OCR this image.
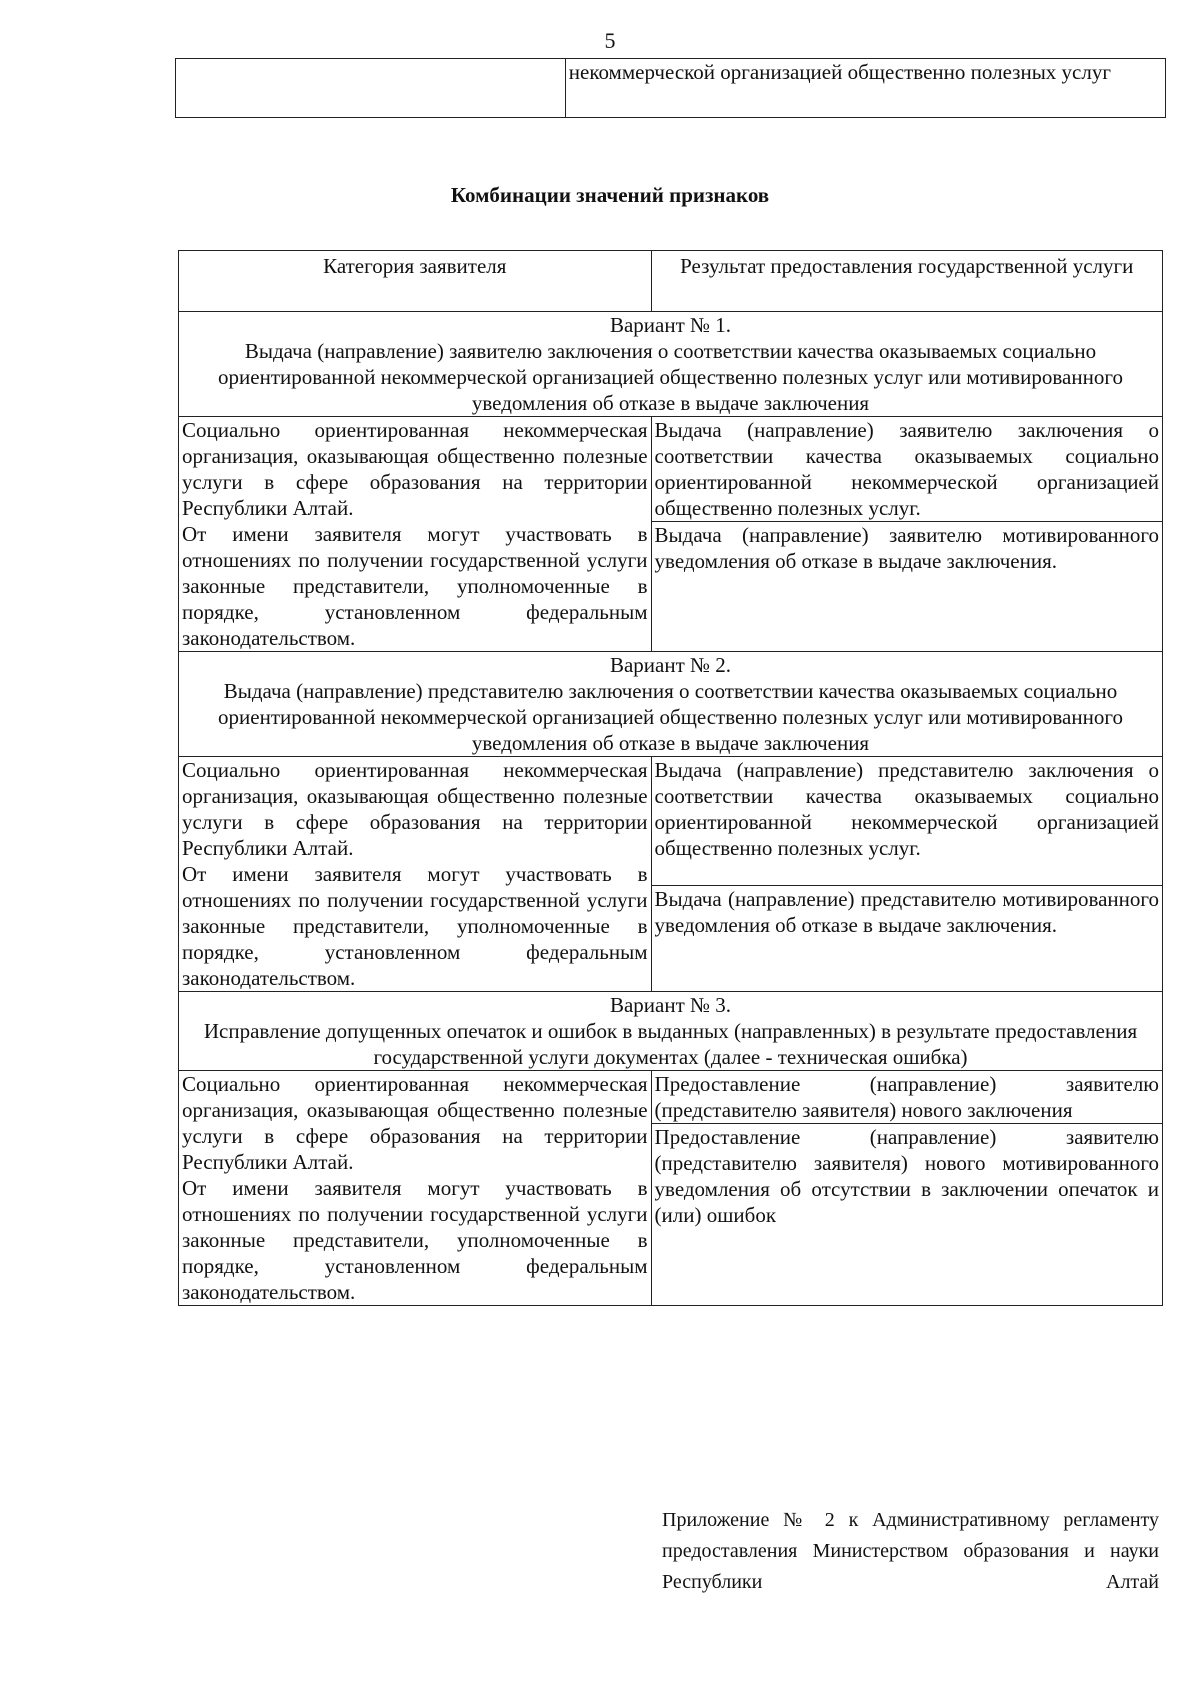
5
	некоммерческой организацией общественно полезных услуг
Комбинации значений признаков
Категория заявителя	Результат предоставления государственной услуги

Вариант № 1.
Выдача (направление) заявителю заключения о соответствии качества оказываемых социально ориентированной некоммерческой организацией общественно полезных услуг или мотивированного уведомления об отказе в выдаче заключения	

Социально ориентированная некоммерческая организация, оказывающая общественно полезные услуги в сфере образования на территории Республики Алтай.
От имени заявителя могут участвовать в отношениях по получении государственной услуги законные представители, уполномоченные в порядке, установленном федеральным законодательством.	Выдача (направление) заявителю заключения о соответствии качества оказываемых социально ориентированной некоммерческой организацией общественно полезных услуг.
	Выдача (направление) заявителю мотивированного уведомления об отказе в выдаче заключения.

Вариант № 2.
Выдача (направление) представителю заключения о соответствии качества оказываемых социально ориентированной некоммерческой организацией общественно полезных услуг или мотивированного уведомления об отказе в выдаче заключения	

Социально ориентированная некоммерческая организация, оказывающая общественно полезные услуги в сфере образования на территории Республики Алтай.
От имени заявителя могут участвовать в отношениях по получении государственной услуги законные представители, уполномоченные в порядке, установленном федеральным законодательством.	Выдача (направление) представителю заключения о соответствии качества оказываемых социально ориентированной некоммерческой организацией общественно полезных услуг.
	Выдача (направление) представителю мотивированного уведомления об отказе в выдаче заключения.

Вариант № 3.
Исправление допущенных опечаток и ошибок в выданных (направленных) в результате предоставления государственной услуги документах (далее - техническая ошибка)	

Социально ориентированная некоммерческая организация, оказывающая общественно полезные услуги в сфере образования на территории Республики Алтай.
От имени заявителя могут участвовать в отношениях по получении государственной услуги законные представители, уполномоченные в порядке, установленном федеральным законодательством.	Предоставление (направление) заявителю (представителю заявителя) нового заключения
	Предоставление (направление) заявителю (представителю заявителя) нового мотивированного уведомления об отсутствии в заключении опечаток и (или) ошибок
Приложение № 2 к Административному регламенту предоставления Министерством образования и науки Республики Алтай
